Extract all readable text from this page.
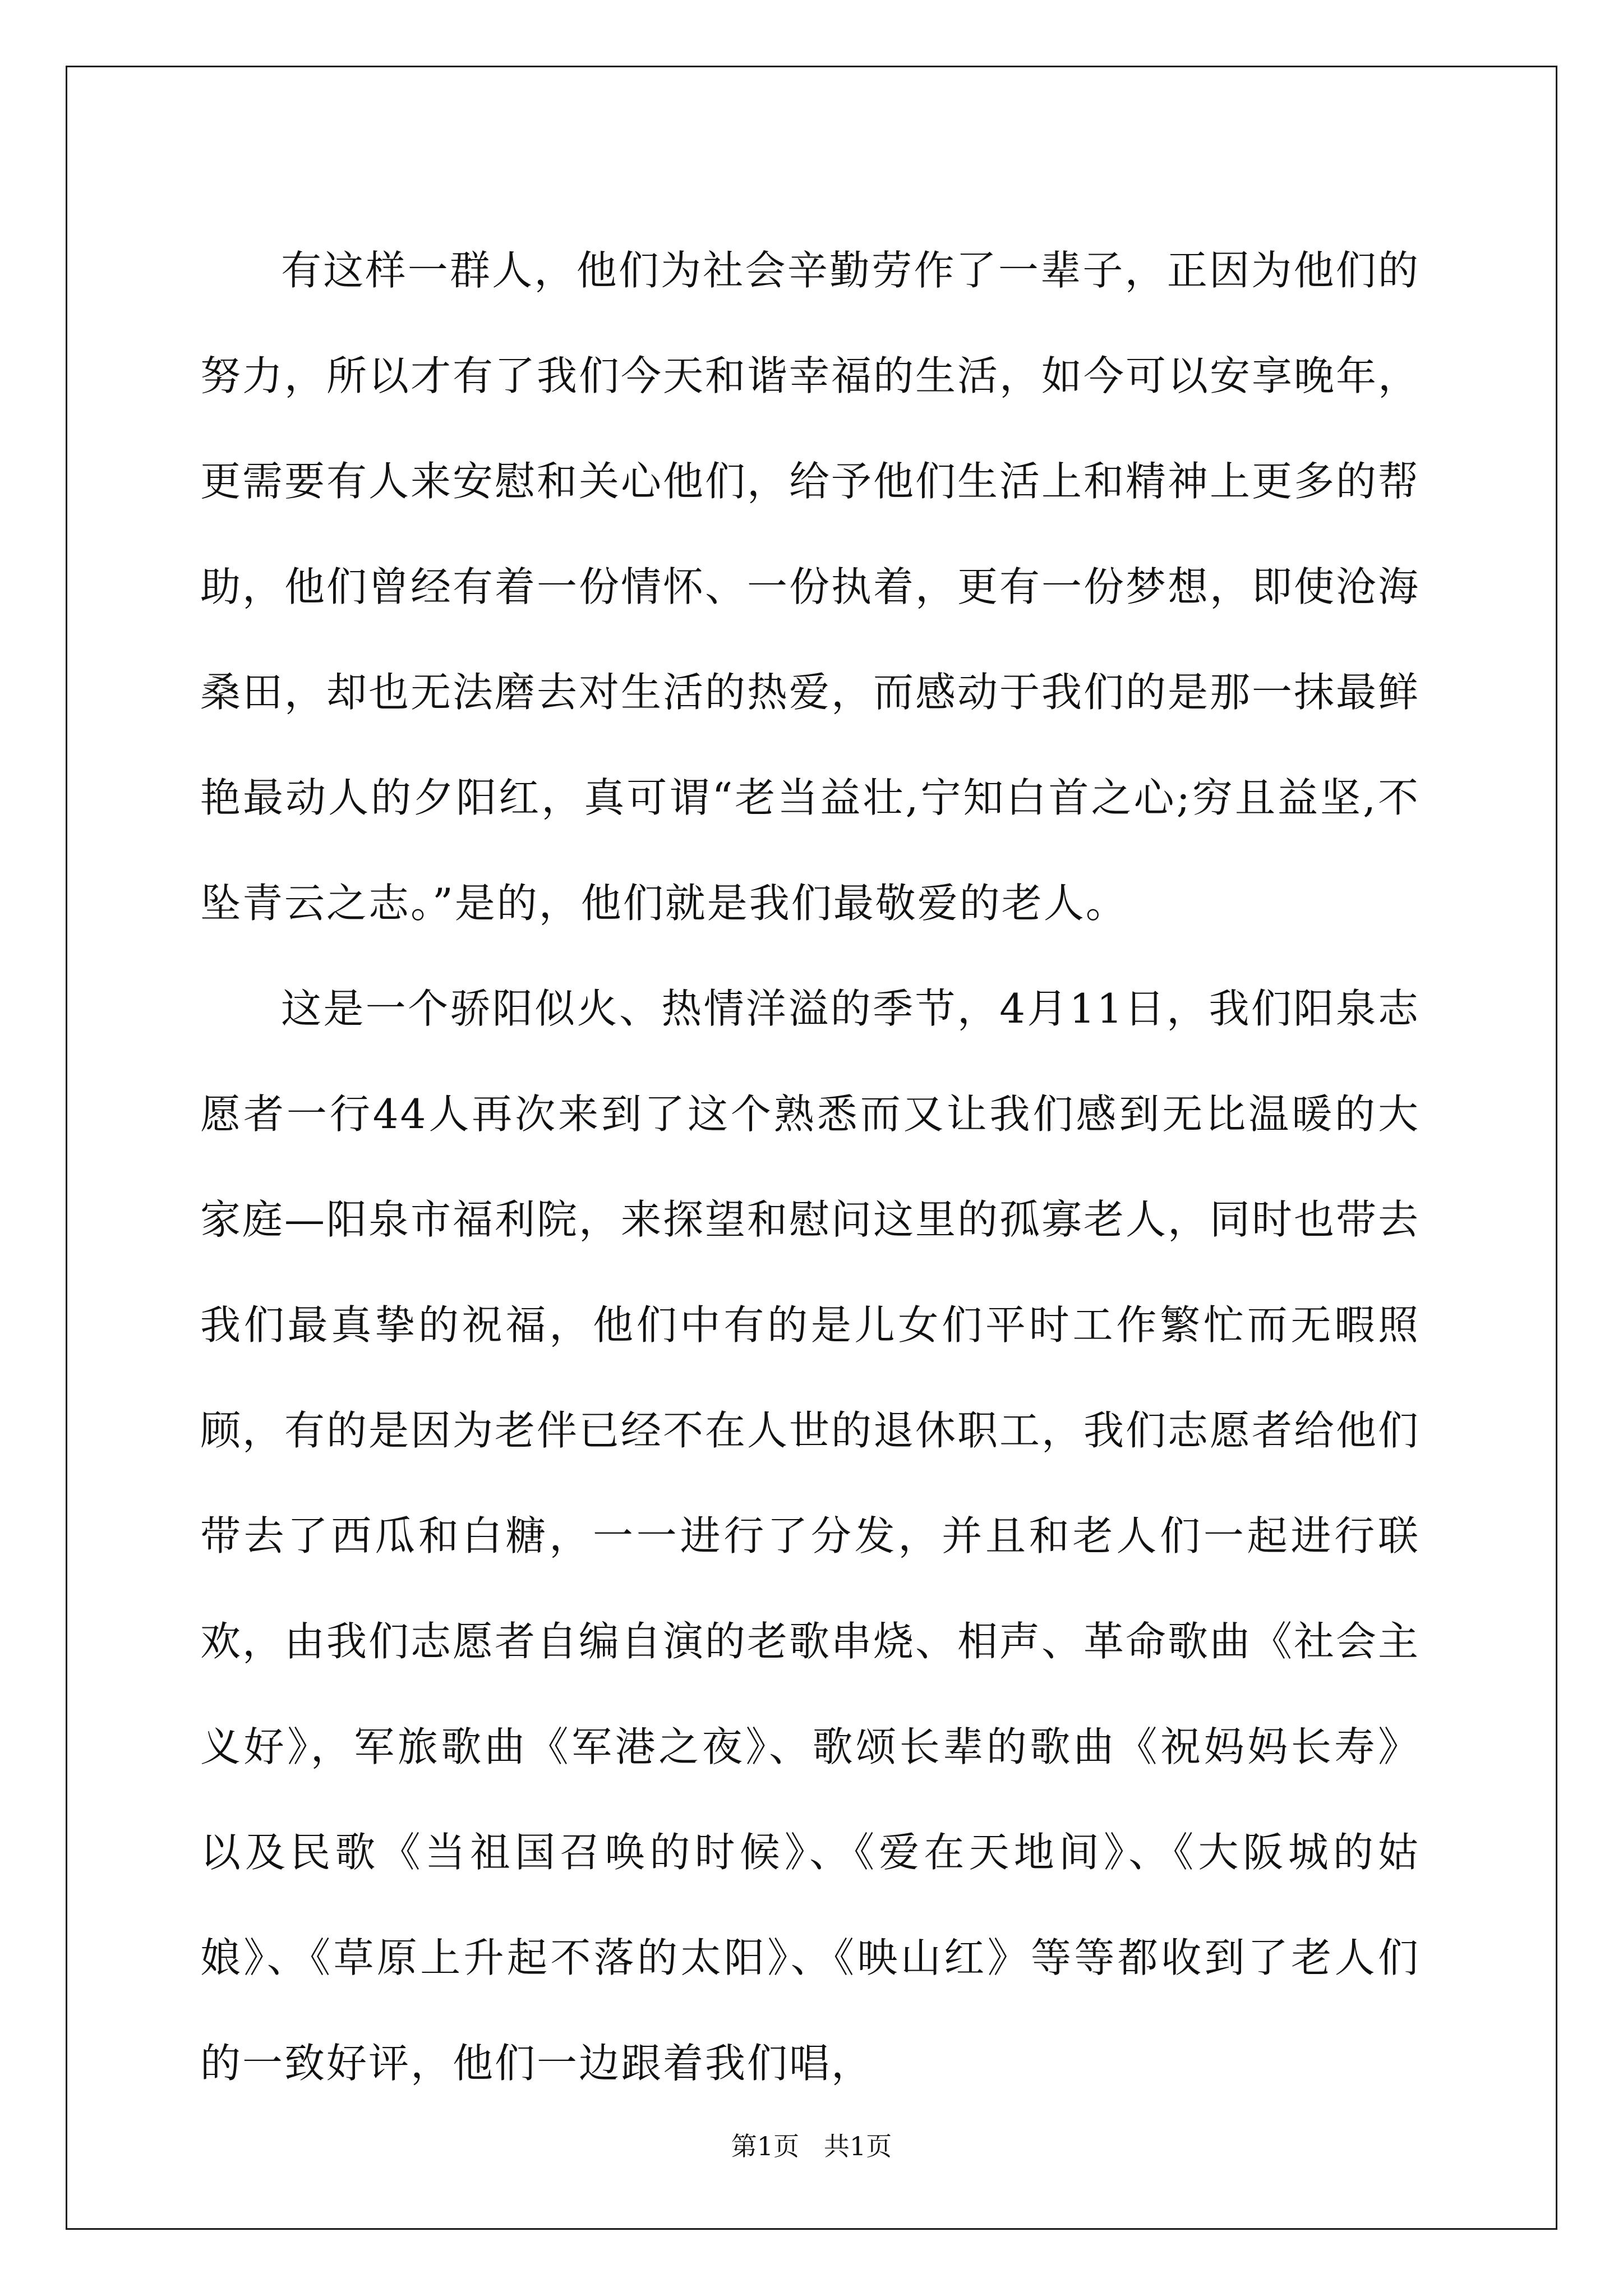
有这样一群人，他们为社会辛勤劳作了一辈子，正因为他们的努力，所以才有了我们今天和谐幸福的生活，如今可以安享晚年，更需要有人来安慰和关心他们，给予他们生活上和精神上更多的帮助，他们曾经有着一份情怀、一份执着，更有一份梦想，即使沧海桑田，却也无法磨去对生活的热爱，而感动于我们的是那一抹最鲜艳最动人的夕阳红，真可谓“老当益壮,宁知白首之心;穷且益坚,不坠青云之志。”是的，他们就是我们最敬爱的老人。

这是一个骄阳似火、热情洋溢的季节，4月11日，我们阳泉志愿者一行44人再次来到了这个熟悉而又让我们感到无比温暖的大家庭—阳泉市福利院，来探望和慰问这里的孤寡老人，同时也带去我们最真挚的祝福，他们中有的是儿女们平时工作繁忙而无暇照顾，有的是因为老伴已经不在人世的退休职工，我们志愿者给他们带去了西瓜和白糖，一一进行了分发，并且和老人们一起进行联欢，由我们志愿者自编自演的老歌串烧、相声、革命歌曲《社会主义好》，军旅歌曲《军港之夜》、歌颂长辈的歌曲《祝妈妈长寿》以及民歌《当祖国召唤的时候》、《爱在天地间》、《大阪城的姑娘》、《草原上升起不落的太阳》、《映山红》等等都收到了老人们的一致好评，他们一边跟着我们唱，

第1页   共1页
